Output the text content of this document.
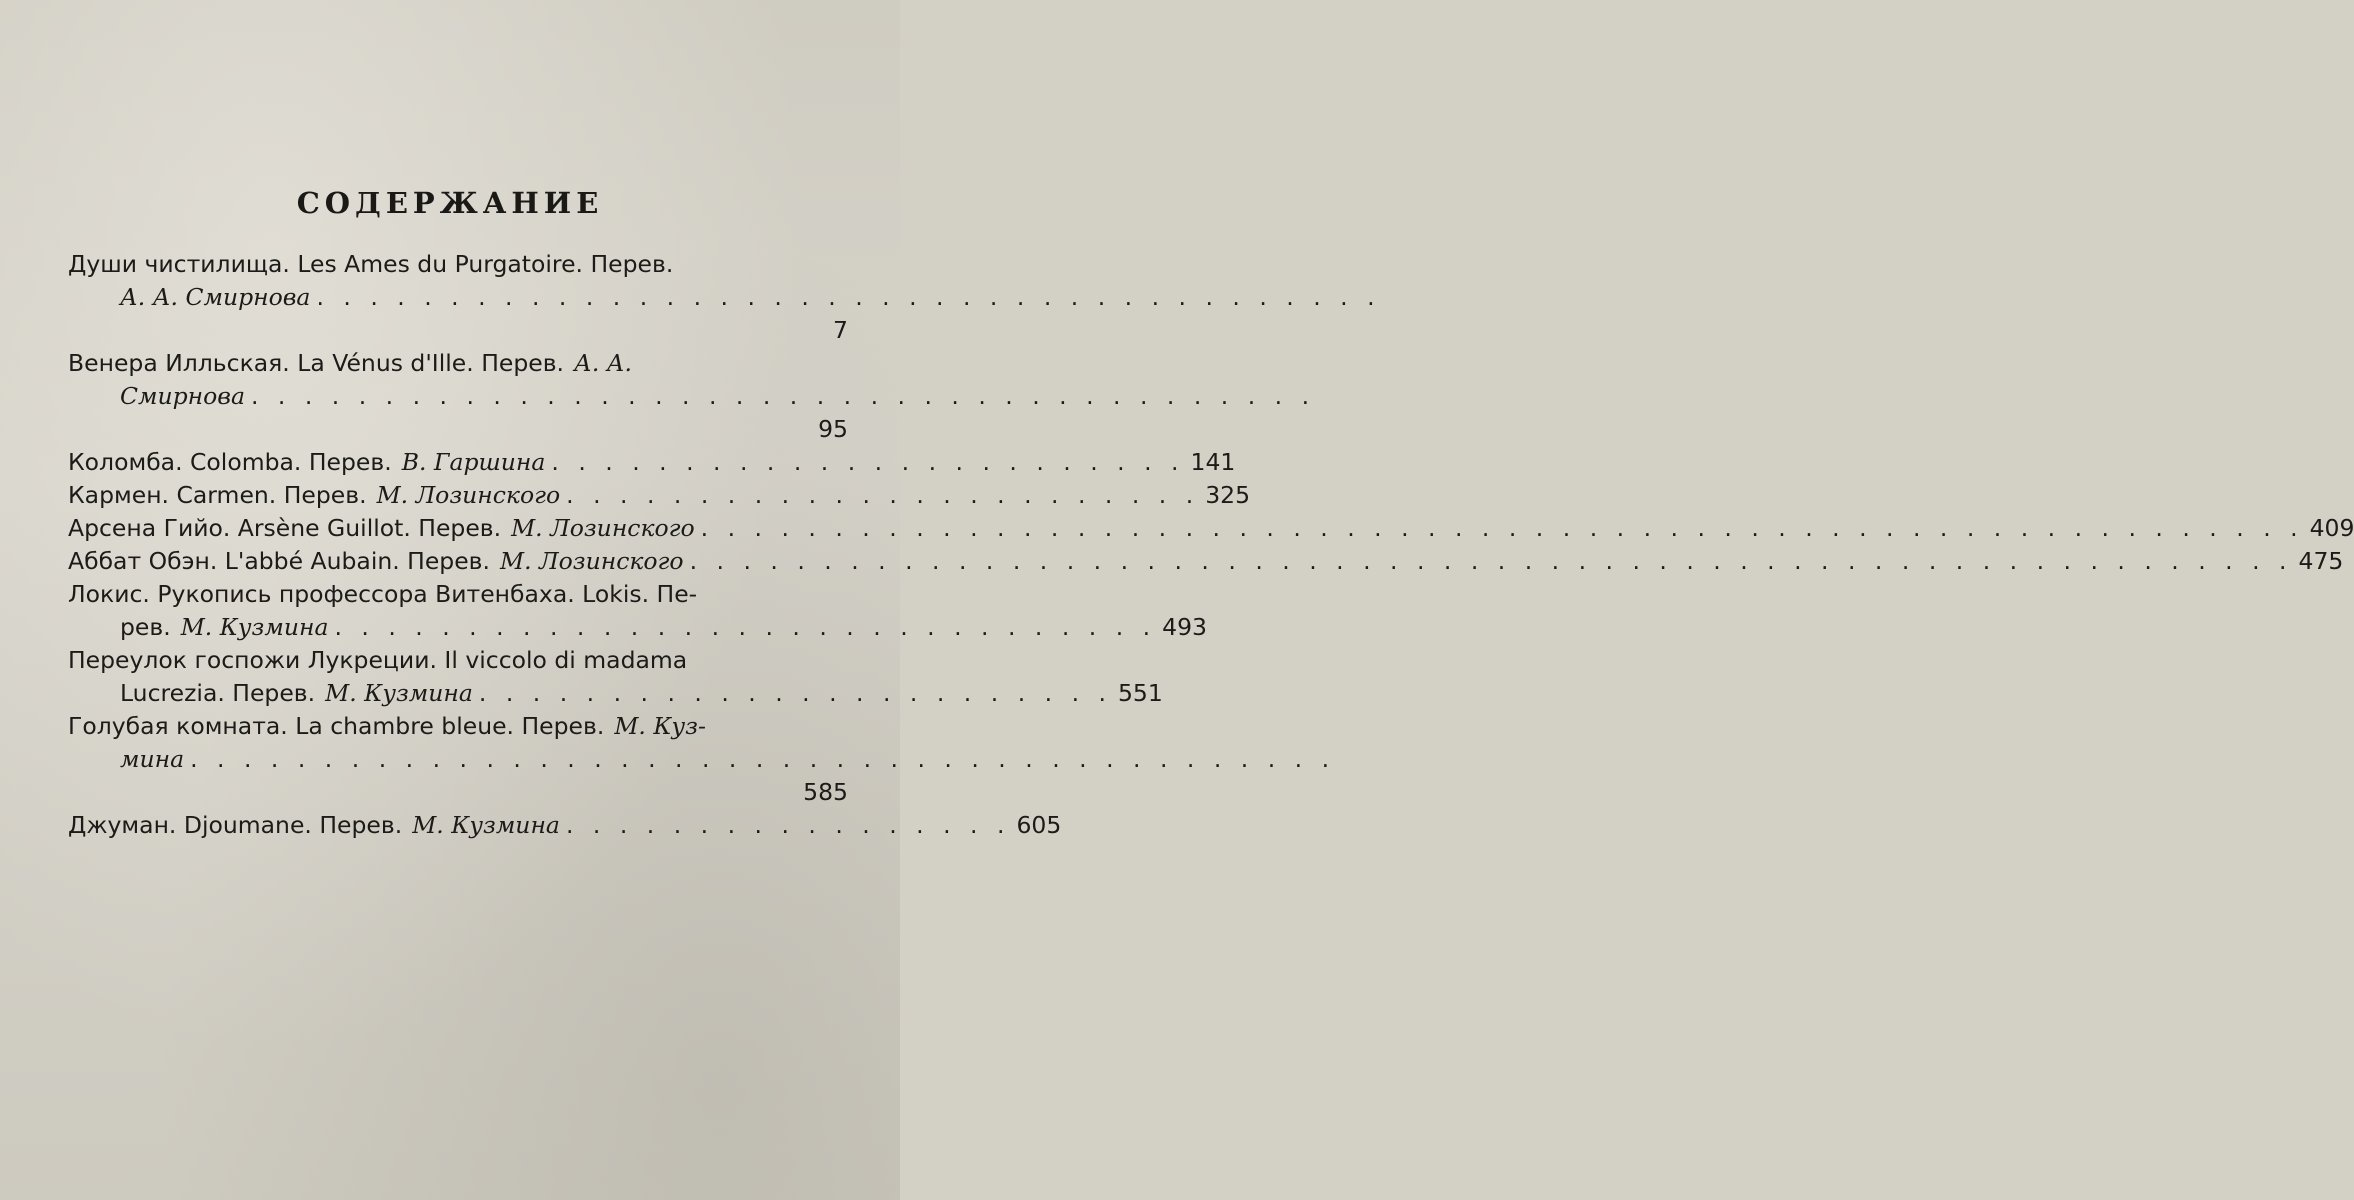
СОДЕРЖАНИЕ
Души чистилища. Les Ames du Purgatoire. Перев.
А. А. Смирнова . . . . . . . . . . . . . . . . . . . . . . . . . . . . . . . . . . . . . . . .
7
Венера Илльская. La Vénus d'Ille. Перев. А. А.
Смирнова . . . . . . . . . . . . . . . . . . . . . . . . . . . . . . . . . . . . . . . .
95
Коломба. Colomba. Перев. В. Гаршина . . . . . . . . . . . . . . . . . . . . . . . . 141
Кармен. Carmen. Перев. М. Лозинского . . . . . . . . . . . . . . . . . . . . . . . . 325
Арсена Гийо. Arsène Guillot. Перев. М. Лозинского . . . . . . . . . . . . . . . . . . . . . . . . . . . . . . . . . . . . . . . . . . . . . . . . . . . . . . . . . . . . 409
Аббат Обэн. L'abbé Aubain. Перев. М. Лозинского . . . . . . . . . . . . . . . . . . . . . . . . . . . . . . . . . . . . . . . . . . . . . . . . . . . . . . . . . . . . 475
Локис. Рукопись профессора Витенбаха. Lokis. Пе-
рев. М. Кузмина . . . . . . . . . . . . . . . . . . . . . . . . . . . . . . . 493
Переулок госпожи Лукреции. Il viccolo di madama
Lucrezia. Перев. М. Кузмина . . . . . . . . . . . . . . . . . . . . . . . . 551
Голубая комната. La chambre bleue. Перев. М. Куз-
мина . . . . . . . . . . . . . . . . . . . . . . . . . . . . . . . . . . . . . . . . . . .
585
Джуман. Djoumane. Перев. М. Кузмина . . . . . . . . . . . . . . . . . 605
